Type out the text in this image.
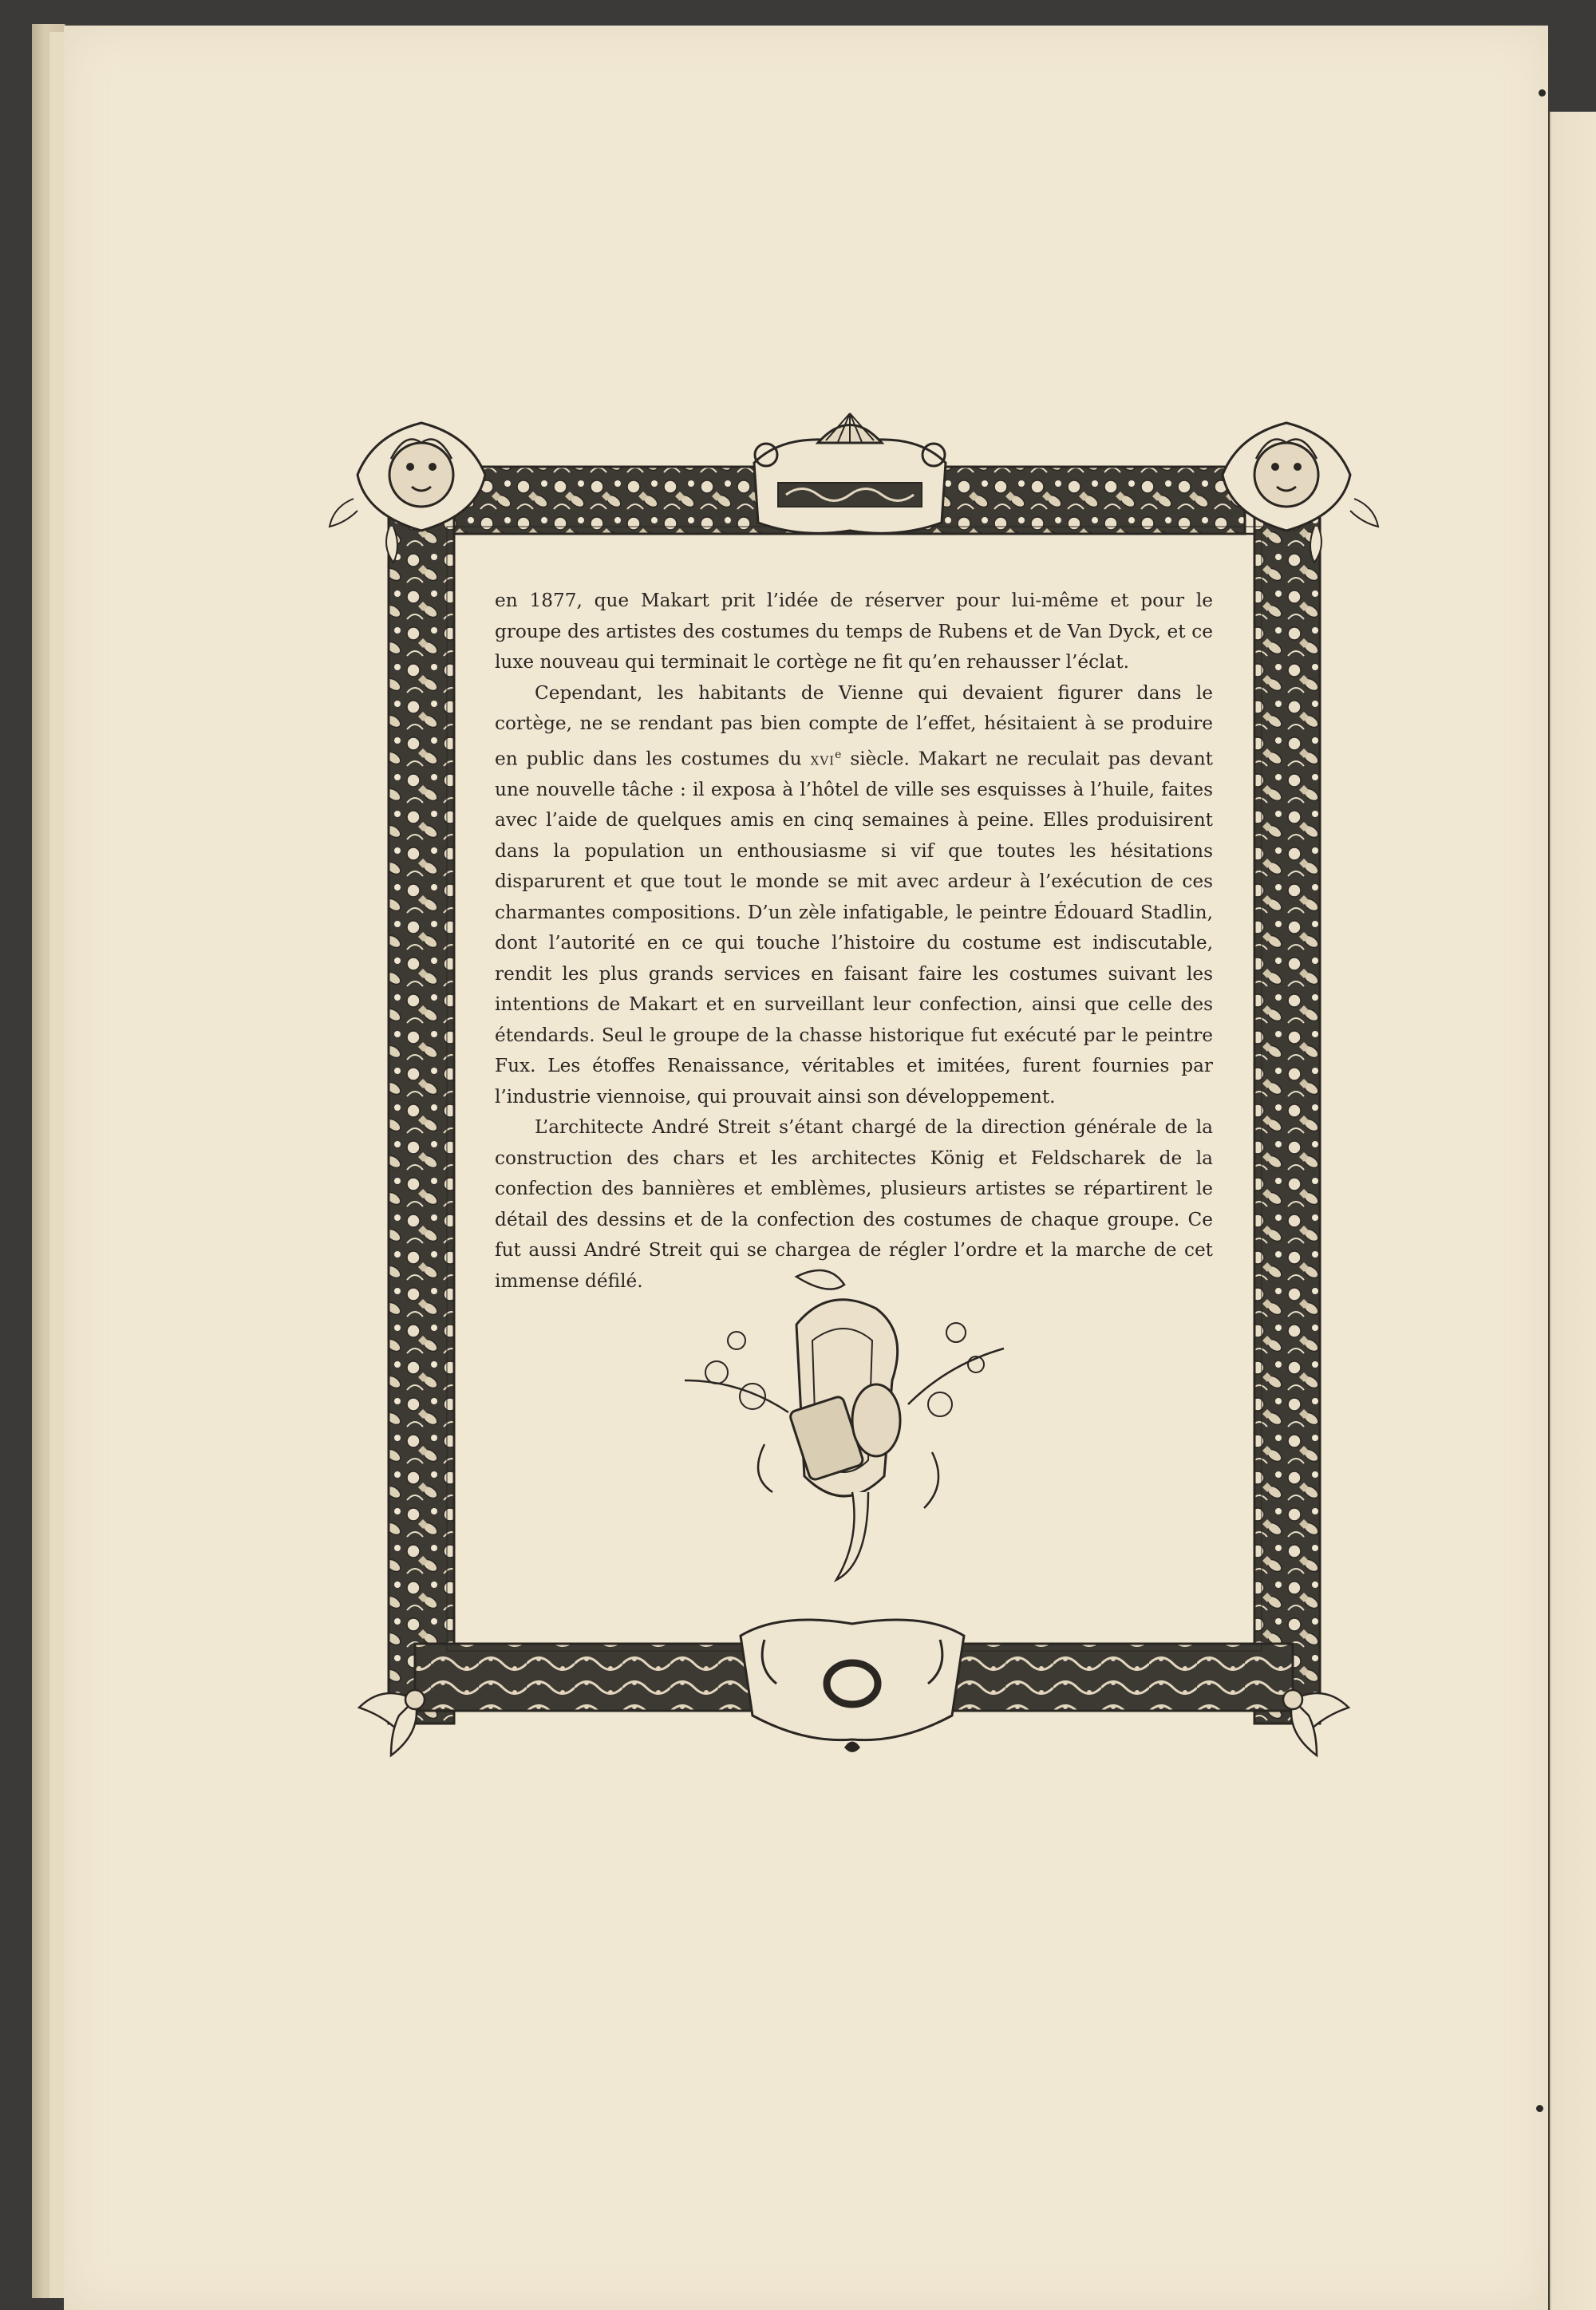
en 1877, que Makart prit l’idée de réserver pour lui-même et pour le groupe des artistes des costumes du temps de Rubens et de Van Dyck, et ce luxe nouveau qui terminait le cortège ne fit qu’en rehausser l’éclat.

Cependant, les habitants de Vienne qui devaient figurer dans le cortège, ne se rendant pas bien compte de l’effet, hésitaient à se produire en public dans les costumes du xvi$^e$ siècle. Makart ne reculait pas devant une nouvelle tâche : il exposa à l’hôtel de ville ses esquisses à l’huile, faites avec l’aide de quelques amis en cinq semaines à peine. Elles produisirent dans la population un enthousiasme si vif que toutes les hésitations disparurent et que tout le monde se mit avec ardeur à l’exécution de ces charmantes compositions. D’un zèle infatigable, le peintre Édouard Stadlin, dont l’autorité en ce qui touche l’histoire du costume est indiscutable, rendit les plus grands services en faisant faire les costumes suivant les intentions de Makart et en surveillant leur confection, ainsi que celle des étendards. Seul le groupe de la chasse historique fut exécuté par le peintre Fux. Les étoffes Renaissance, véritables et imitées, furent fournies par l’industrie viennoise, qui prouvait ainsi son développement.

L’architecte André Streit s’étant chargé de la direction générale de la construction des chars et les architectes König et Feldscharek de la confection des bannières et emblèmes, plusieurs artistes se répartirent le détail des dessins et de la confection des costumes de chaque groupe. Ce fut aussi André Streit qui se chargea de régler l’ordre et la marche de cet immense défilé.
